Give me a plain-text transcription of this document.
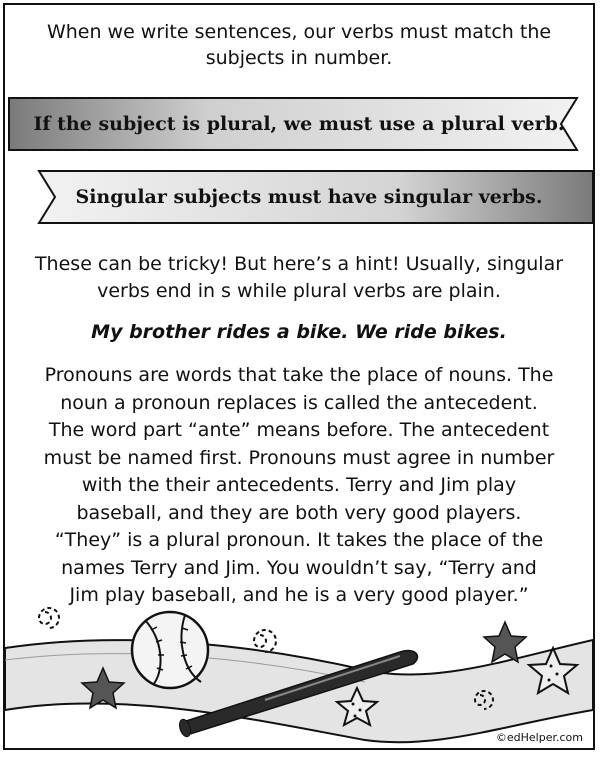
When we write sentences, our verbs must match the
subjects in number.
If the subject is plural, we must use a plural verb.
Singular subjects must have singular verbs.
These can be tricky! But here’s a hint! Usually, singular
verbs end in s while plural verbs are plain.
My brother rides a bike. We ride bikes.
Pronouns are words that take the place of nouns. The
noun a pronoun replaces is called the antecedent.
The word part “ante” means before. The antecedent
must be named first. Pronouns must agree in number
with the their antecedents. Terry and Jim play
baseball, and they are both very good players.
“They” is a plural pronoun. It takes the place of the
names Terry and Jim. You wouldn’t say, “Terry and
Jim play baseball, and he is a very good player.”
©edHelper.com
